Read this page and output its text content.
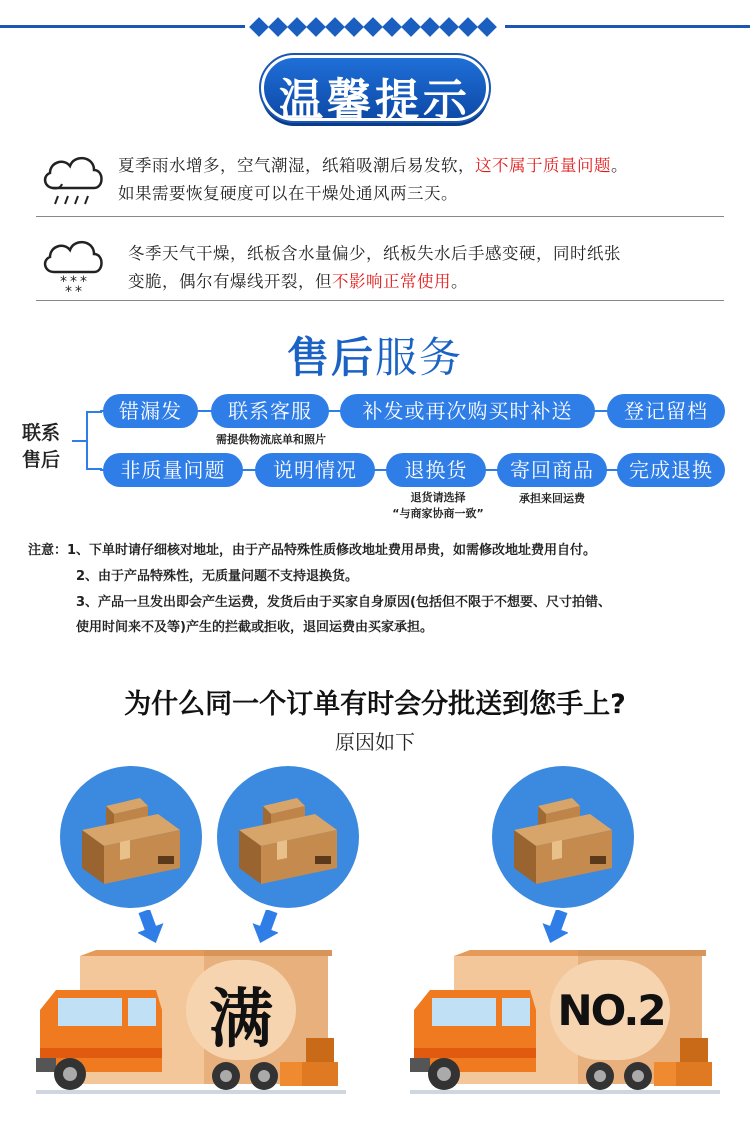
温馨提示
夏季雨水增多，空气潮湿，纸箱吸潮后易发软，这不属于质量问题。
如果需要恢复硬度可以在干燥处通风两三天。
* * *
* *
冬季天气干燥，纸板含水量偏少，纸板失水后手感变硬，同时纸张
变脆，偶尔有爆线开裂，但不影响正常使用。
售后服务
联系
售后
错漏发	联系客服	补发或再次购买时补送	登记留档
需提供物流底单和照片
非质量问题	说明情况	退换货	寄回商品	完成退换
退货请选择
“与商家协商一致”
承担来回运费
注意：1、下单时请仔细核对地址，由于产品特殊性质修改地址费用昂贵，如需修改地址费用自付。
2、由于产品特殊性，无质量问题不支持退换货。
3、产品一旦发出即会产生运费，发货后由于买家自身原因(包括但不限于不想要、尺寸拍错、
使用时间来不及等)产生的拦截或拒收，退回运费由买家承担。
为什么同一个订单有时会分批送到您手上?
原因如下
满	NO.2
